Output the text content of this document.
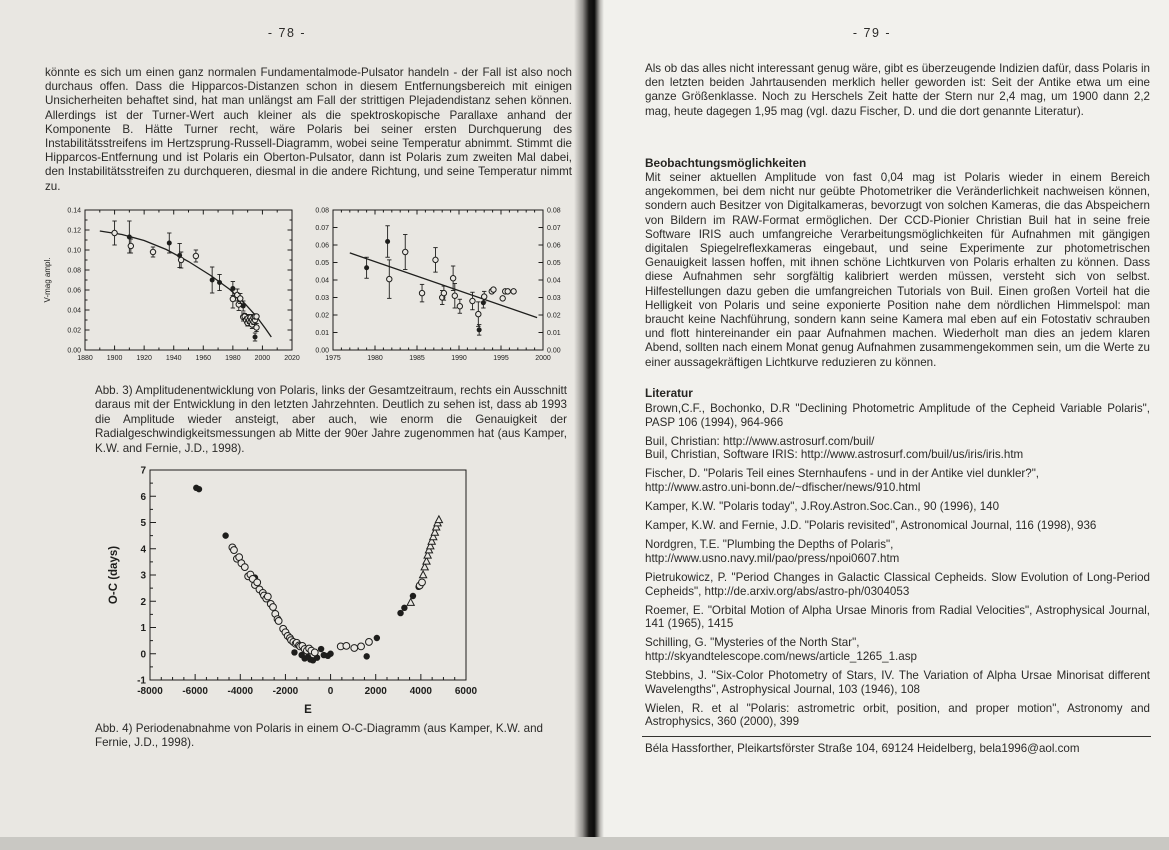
- 78 -
könnte es sich um einen ganz normalen Fundamentalmode-Pulsator handeln - der Fall ist also noch durchaus offen. Dass die Hipparcos-Distanzen schon in diesem Entfernungsbereich mit einigen Unsicherheiten behaftet sind, hat man unlängst am Fall der strittigen Plejadendistanz sehen können. Allerdings ist der Turner-Wert auch kleiner als die spektroskopische Parallaxe anhand der Komponente B. Hätte Turner recht, wäre Polaris bei seiner ersten Durchquerung des Instabilitätsstreifens im Hertzsprung-Russell-Diagramm, wobei seine Temperatur abnimmt. Stimmt die Hipparcos-Entfernung und ist Polaris ein Oberton-Pulsator, dann ist Polaris zum zweiten Mal dabei, den Instabilitätsstreifen zu durchqueren, diesmal in die andere Richtung, und seine Temperatur nimmt zu.
1880 1900 1920 1940 1960 1980 2000 2020
0.00
0.02
0.04
0.06
0.08
0.10
0.12
0.14
V-mag ampl.
1975	1980	1985	1990	1995	2000
0.00	0.00
0.01	0.01
0.02	0.02
0.03	0.03
0.04	0.04
0.05	0.05
0.06	0.06
0.07	0.07
0.08	0.08
Abb. 3) Amplitudenentwicklung von Polaris, links der Gesamtzeitraum, rechts ein Ausschnitt daraus mit der Entwicklung in den letzten Jahrzehnten. Deutlich zu sehen ist, dass ab 1993 die Amplitude wieder ansteigt, aber auch, wie enorm die Genauigkeit der Radialgeschwindigkeitsmessungen ab Mitte der 90er Jahre zugenommen hat (aus Kamper, K.W. and Fernie, J.D., 1998).
-8000 -6000 -4000 -2000	0	2000 4000 6000
-1
0
1
2
3
4
5
6
7
O-C (days)
E
Abb. 4) Periodenabnahme von Polaris in einem O-C-Diagramm (aus Kamper, K.W. and Fernie, J.D., 1998).
- 79 -
Als ob das alles nicht interessant genug wäre, gibt es überzeugende Indizien dafür, dass Polaris in den letzten beiden Jahrtausenden merklich heller geworden ist: Seit der Antike etwa um eine ganze Größenklasse. Noch zu Herschels Zeit hatte der Stern nur 2,4 mag, um 1900 dann 2,2 mag, heute dagegen 1,95 mag (vgl. dazu Fischer, D. und die dort genannte Literatur).
Beobachtungsmöglichkeiten
Mit seiner aktuellen Amplitude von fast 0,04 mag ist Polaris wieder in einem Bereich angekommen, bei dem nicht nur geübte Photometriker die Veränderlichkeit nachweisen können, sondern auch Besitzer von Digitalkameras, bevorzugt von solchen Kameras, die das Abspeichern von Bildern im RAW-Format ermöglichen. Der CCD-Pionier Christian Buil hat in seine freie Software IRIS auch umfangreiche Verarbeitungsmöglichkeiten für Aufnahmen mit gängigen digitalen Spiegelreflexkameras eingebaut, und seine Experimente zur photometrischen Genauigkeit lassen hoffen, mit ihnen schöne Lichtkurven von Polaris erhalten zu können. Dass diese Aufnahmen sehr sorgfältig kalibriert werden müssen, versteht sich von selbst. Hilfestellungen dazu geben die umfangreichen Tutorials von Buil. Einen großen Vorteil hat die Helligkeit von Polaris und seine exponierte Position nahe dem nördlichen Himmelspol: man braucht keine Nachführung, sondern kann seine Kamera mal eben auf ein Fotostativ schrauben und flott hintereinander ein paar Aufnahmen machen. Wiederholt man dies an jedem klaren Abend, sollten nach einem Monat genug Aufnahmen zusammengekommen sein, um die Werte zu einer aussagekräftigen Lichtkurve reduzieren zu können.
Literatur
Brown,C.F., Bochonko, D.R "Declining Photometric Amplitude of the Cepheid Variable Polaris", PASP 106 (1994), 964-966
Buil, Christian: http://www.astrosurf.com/buil/
Buil, Christian, Software IRIS: http://www.astrosurf.com/buil/us/iris/iris.htm
Fischer, D. "Polaris Teil eines Sternhaufens - und in der Antike viel dunkler?",
http://www.astro.uni-bonn.de/~dfischer/news/910.html
Kamper, K.W. "Polaris today", J.Roy.Astron.Soc.Can., 90 (1996), 140
Kamper, K.W. and Fernie, J.D. "Polaris revisited", Astronomical Journal, 116 (1998), 936
Nordgren, T.E. "Plumbing the Depths of Polaris",
http://www.usno.navy.mil/pao/press/npoi0607.htm
Pietrukowicz, P. "Period Changes in Galactic Classical Cepheids. Slow Evolution of Long-Period Cepheids", http://de.arxiv.org/abs/astro-ph/0304053
Roemer, E. "Orbital Motion of Alpha Ursae Minoris from Radial Velocities", Astrophysical Journal, 141 (1965), 1415
Schilling, G. "Mysteries of the North Star",
http://skyandtelescope.com/news/article_1265_1.asp
Stebbins, J. "Six-Color Photometry of Stars, IV. The Variation of Alpha Ursae Minorisat different Wavelengths", Astrophysical Journal, 103 (1946), 108
Wielen, R. et al "Polaris: astrometric orbit, position, and proper motion", Astronomy and Astrophysics, 360 (2000), 399
Béla Hassforther, Pleikartsförster Straße 104, 69124 Heidelberg, bela1996@aol.com
